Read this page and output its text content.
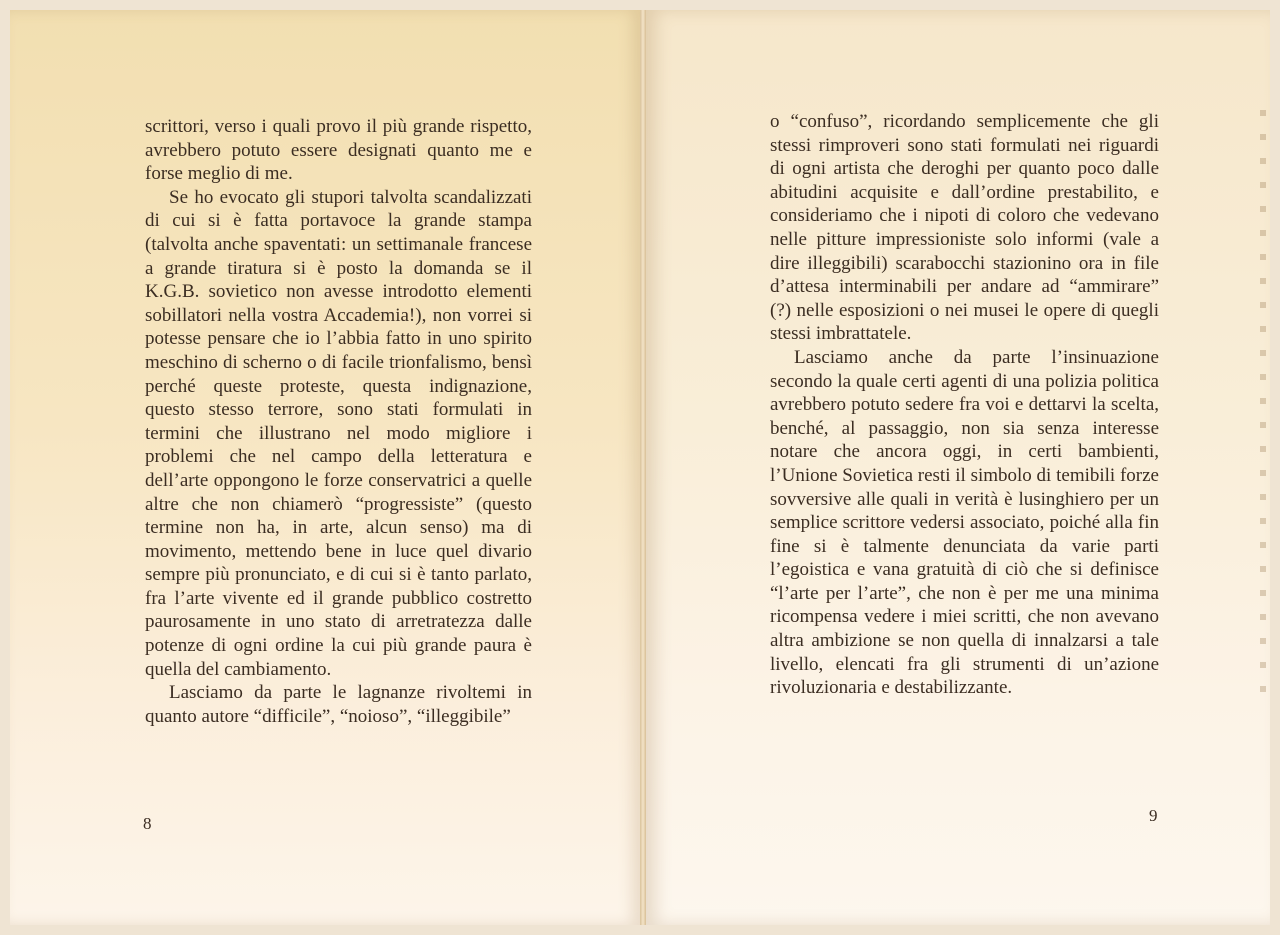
scrittori, verso i quali provo il più grande rispetto, avrebbero potuto essere designati quanto me e forse meglio di me.

Se ho evocato gli stupori talvolta scandalizzati di cui si è fatta portavoce la grande stampa (talvolta anche spaventati: un settimanale francese a grande tiratura si è posto la domanda se il K.G.B. sovietico non avesse introdotto elementi sobillatori nella vostra Accademia!), non vorrei si potesse pensare che io l’abbia fatto in uno spirito meschino di scherno o di facile trionfalismo, bensì perché queste proteste, questa indignazione, questo stesso terrore, sono stati formulati in termini che illustrano nel modo migliore i problemi che nel campo della letteratura e dell’arte oppongono le forze conservatrici a quelle altre che non chiamerò “progressiste” (questo termine non ha, in arte, alcun senso) ma di movimento, mettendo bene in luce quel divario sempre più pronunciato, e di cui si è tanto parlato, fra l’arte vivente ed il grande pubblico costretto paurosamente in uno stato di arretratezza dalle potenze di ogni ordine la cui più grande paura è quella del cambiamento.

Lasciamo da parte le lagnanze rivoltemi in quanto autore “difficile”, “noioso”, “illeggibile”

8

o “confuso”, ricordando semplicemente che gli stessi rimproveri sono stati formulati nei riguardi di ogni artista che deroghi per quanto poco dalle abitudini acquisite e dall’ordine prestabilito, e consideriamo che i nipoti di coloro che vedevano nelle pitture impressioniste solo informi (vale a dire illeggibili) scarabocchi stazionino ora in file d’attesa interminabili per andare ad “ammirare” (?) nelle esposizioni o nei musei le opere di quegli stessi imbrattatele.

Lasciamo anche da parte l’insinuazione secondo la quale certi agenti di una polizia politica avrebbero potuto sedere fra voi e dettarvi la scelta, benché, al passaggio, non sia senza interesse notare che ancora oggi, in certi bambienti, l’Unione Sovietica resti il simbolo di temibili forze sovversive alle quali in verità è lusinghiero per un semplice scrittore vedersi associato, poiché alla fin fine si è talmente denunciata da varie parti l’egoistica e vana gratuità di ciò che si definisce “l’arte per l’arte”, che non è per me una minima ricompensa vedere i miei scritti, che non avevano altra ambizione se non quella di innalzarsi a tale livello, elencati fra gli strumenti di un’azione rivoluzionaria e destabilizzante.

9
